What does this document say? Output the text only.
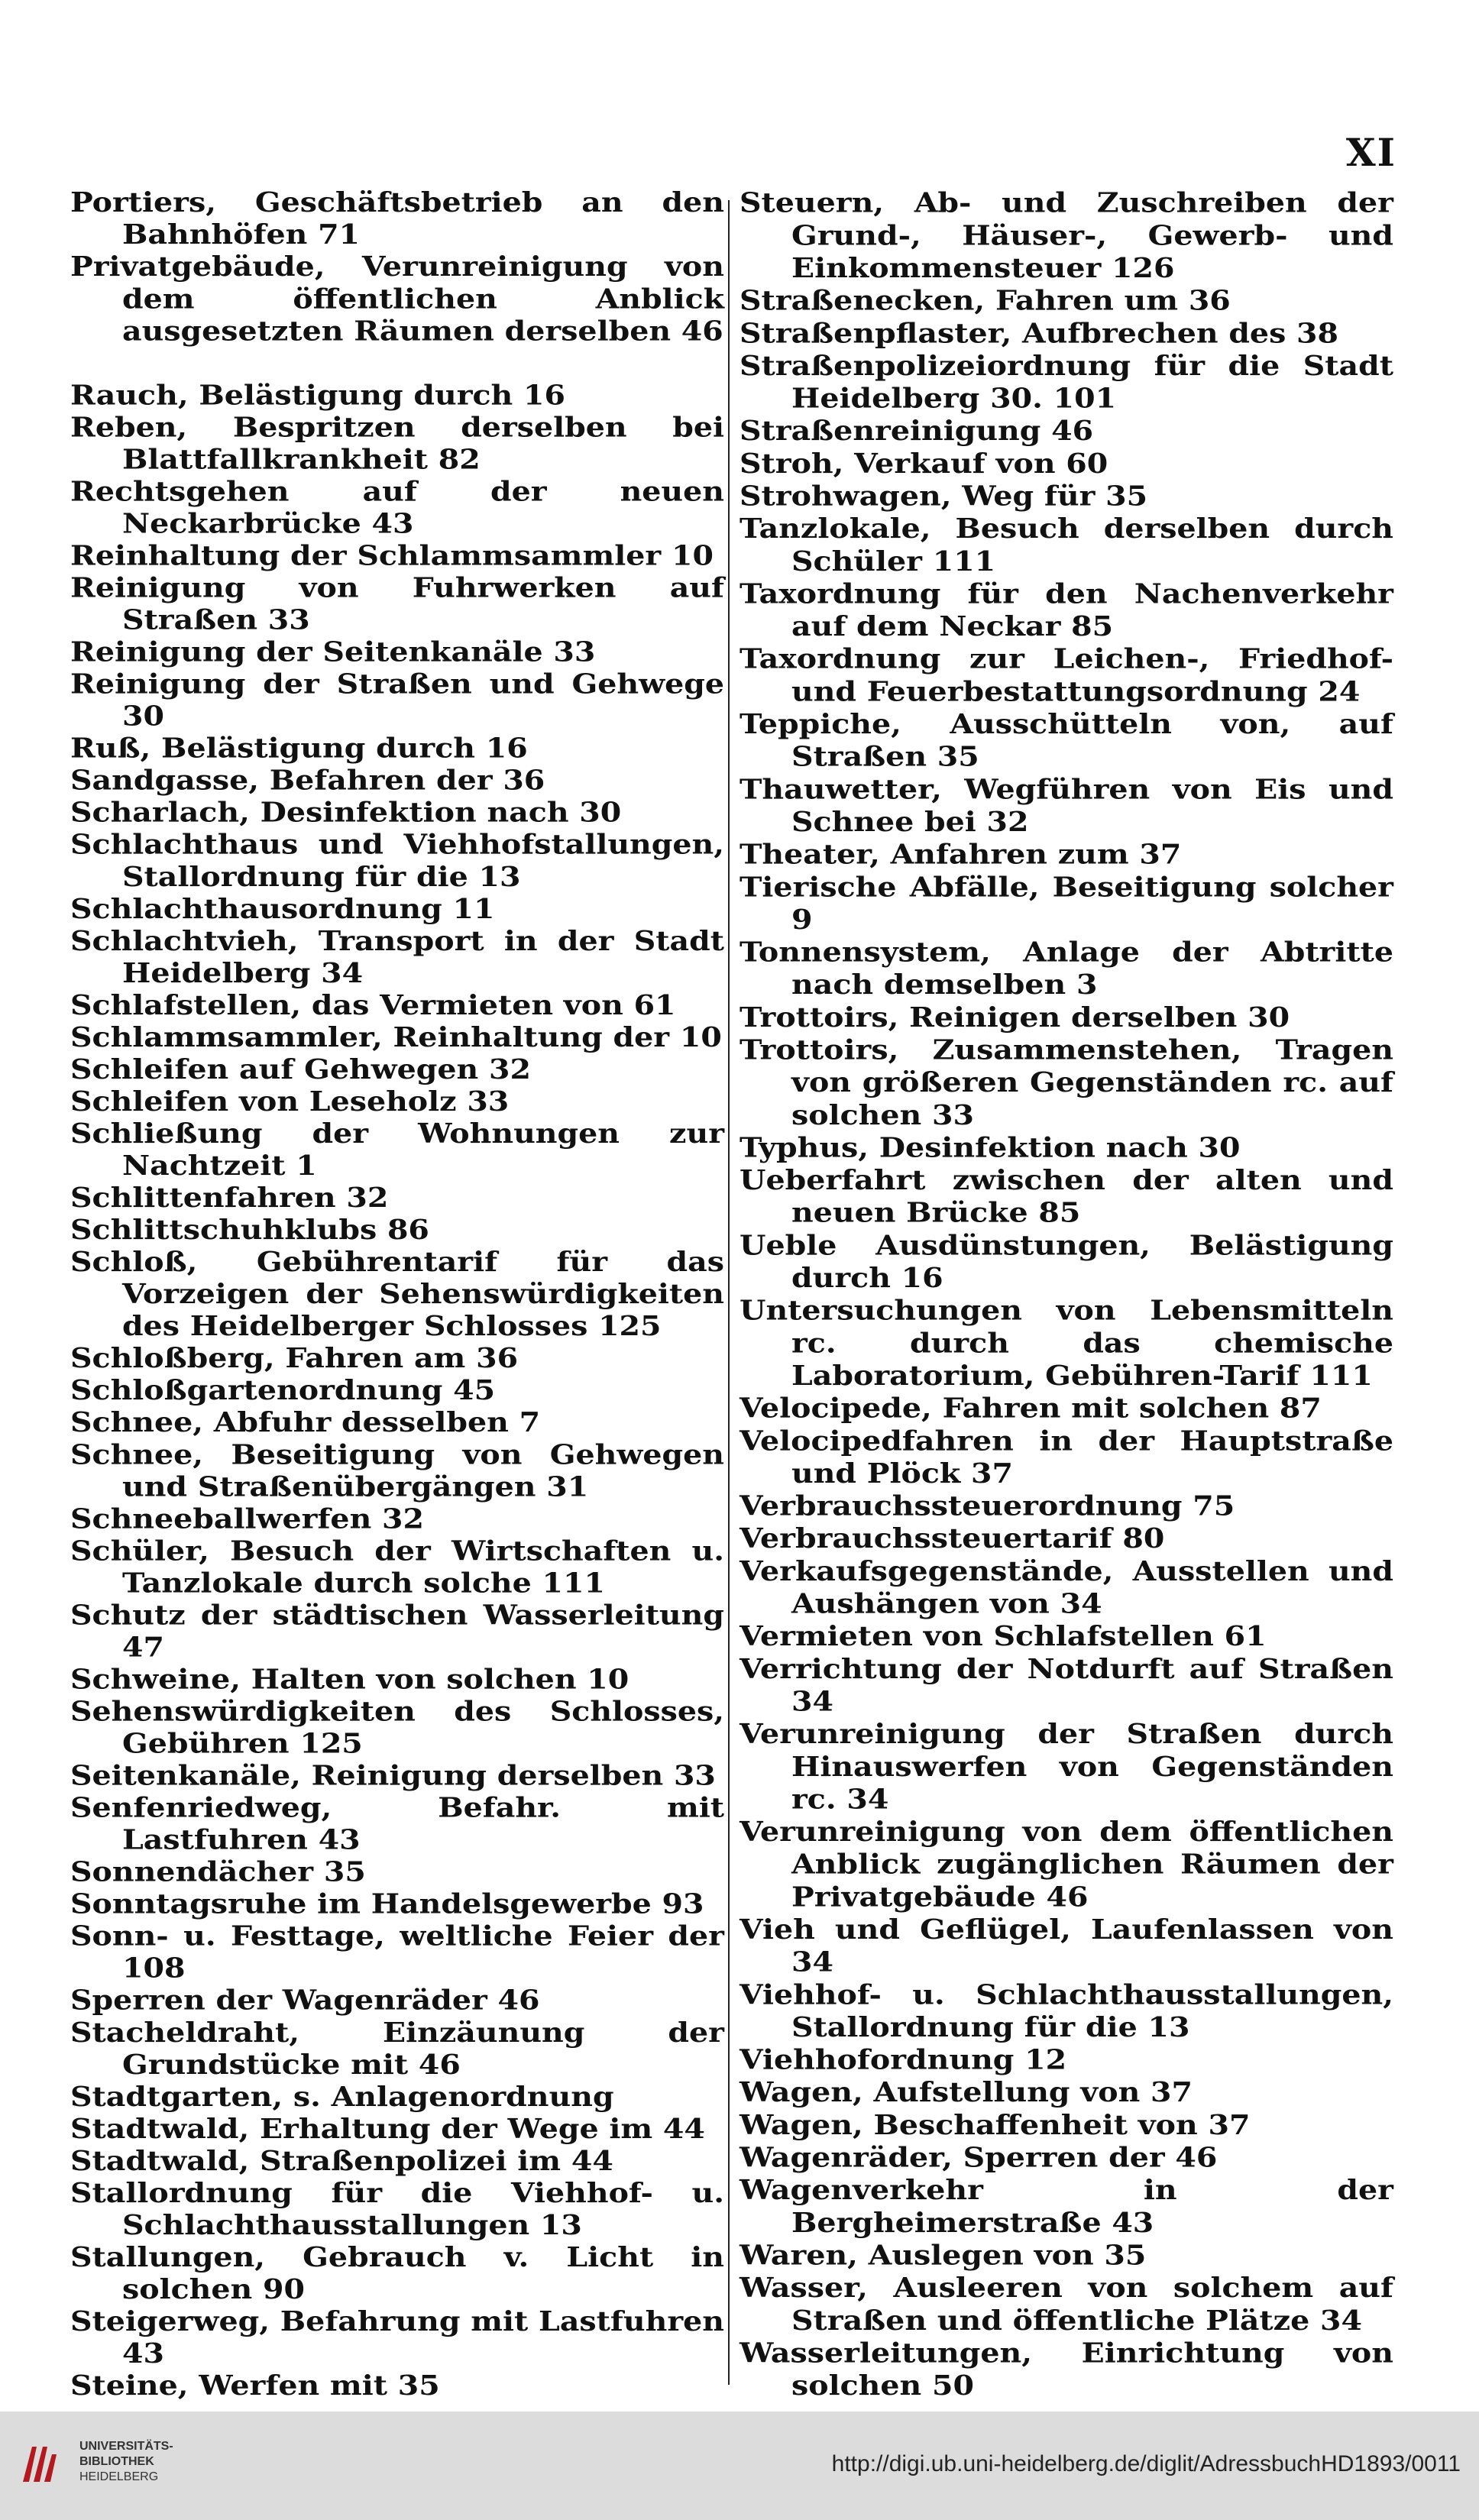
XI
Portiers, Geschäftsbetrieb an den Bahnhöfen 71
Privatgebäude, Verunreinigung von dem öffentlichen Anblick ausgesetzten Räumen derselben 46
Rauch, Belästigung durch 16
Reben, Bespritzen derselben bei Blattfallkrankheit 82
Rechtsgehen auf der neuen Neckarbrücke 43
Reinhaltung der Schlammsammler 10
Reinigung von Fuhrwerken auf Straßen 33
Reinigung der Seitenkanäle 33
Reinigung der Straßen und Gehwege 30
Ruß, Belästigung durch 16
Sandgasse, Befahren der 36
Scharlach, Desinfektion nach 30
Schlachthaus und Viehhofstallungen, Stallordnung für die 13
Schlachthausordnung 11
Schlachtvieh, Transport in der Stadt Heidelberg 34
Schlafstellen, das Vermieten von 61
Schlammsammler, Reinhaltung der 10
Schleifen auf Gehwegen 32
Schleifen von Leseholz 33
Schließung der Wohnungen zur Nachtzeit 1
Schlittenfahren 32
Schlittschuhklubs 86
Schloß, Gebührentarif für das Vorzeigen der Sehenswürdigkeiten des Heidelberger Schlosses 125
Schloßberg, Fahren am 36
Schloßgartenordnung 45
Schnee, Abfuhr desselben 7
Schnee, Beseitigung von Gehwegen und Straßenübergängen 31
Schneeballwerfen 32
Schüler, Besuch der Wirtschaften u. Tanzlokale durch solche 111
Schutz der städtischen Wasserleitung 47
Schweine, Halten von solchen 10
Sehenswürdigkeiten des Schlosses, Gebühren 125
Seitenkanäle, Reinigung derselben 33
Senfenriedweg, Befahr. mit Lastfuhren 43
Sonnendächer 35
Sonntagsruhe im Handelsgewerbe 93
Sonn- u. Festtage, weltliche Feier der 108
Sperren der Wagenräder 46
Stacheldraht, Einzäunung der Grundstücke mit 46
Stadtgarten, s. Anlagenordnung
Stadtwald, Erhaltung der Wege im 44
Stadtwald, Straßenpolizei im 44
Stallordnung für die Viehhof- u. Schlachthausstallungen 13
Stallungen, Gebrauch v. Licht in solchen 90
Steigerweg, Befahrung mit Lastfuhren 43
Steine, Werfen mit 35
Steuern, Ab- und Zuschreiben der Grund-, Häuser-, Gewerb- und Einkommensteuer 126
Straßenecken, Fahren um 36
Straßenpflaster, Aufbrechen des 38
Straßenpolizeiordnung für die Stadt Heidelberg 30. 101
Straßenreinigung 46
Stroh, Verkauf von 60
Strohwagen, Weg für 35
Tanzlokale, Besuch derselben durch Schüler 111
Taxordnung für den Nachenverkehr auf dem Neckar 85
Taxordnung zur Leichen-, Friedhof- und Feuerbestattungsordnung 24
Teppiche, Ausschütteln von, auf Straßen 35
Thauwetter, Wegführen von Eis und Schnee bei 32
Theater, Anfahren zum 37
Tierische Abfälle, Beseitigung solcher 9
Tonnensystem, Anlage der Abtritte nach demselben 3
Trottoirs, Reinigen derselben 30
Trottoirs, Zusammenstehen, Tragen von größeren Gegenständen rc. auf solchen 33
Typhus, Desinfektion nach 30
Ueberfahrt zwischen der alten und neuen Brücke 85
Ueble Ausdünstungen, Belästigung durch 16
Untersuchungen von Lebensmitteln rc. durch das chemische Laboratorium, Gebühren-Tarif 111
Velocipede, Fahren mit solchen 87
Velocipedfahren in der Hauptstraße und Plöck 37
Verbrauchssteuerordnung 75
Verbrauchssteuertarif 80
Verkaufsgegenstände, Ausstellen und Aushängen von 34
Vermieten von Schlafstellen 61
Verrichtung der Notdurft auf Straßen 34
Verunreinigung der Straßen durch Hinauswerfen von Gegenständen rc. 34
Verunreinigung von dem öffentlichen Anblick zugänglichen Räumen der Privatgebäude 46
Vieh und Geflügel, Laufenlassen von 34
Viehhof- u. Schlachthausstallungen, Stallordnung für die 13
Viehhofordnung 12
Wagen, Aufstellung von 37
Wagen, Beschaffenheit von 37
Wagenräder, Sperren der 46
Wagenverkehr in der Bergheimerstraße 43
Waren, Auslegen von 35
Wasser, Ausleeren von solchem auf Straßen und öffentliche Plätze 34
Wasserleitungen, Einrichtung von solchen 50
UNIVERSITÄTS-
BIBLIOTHEK
HEIDELBERG
http://digi.ub.uni-heidelberg.de/diglit/AdressbuchHD1893/0011
